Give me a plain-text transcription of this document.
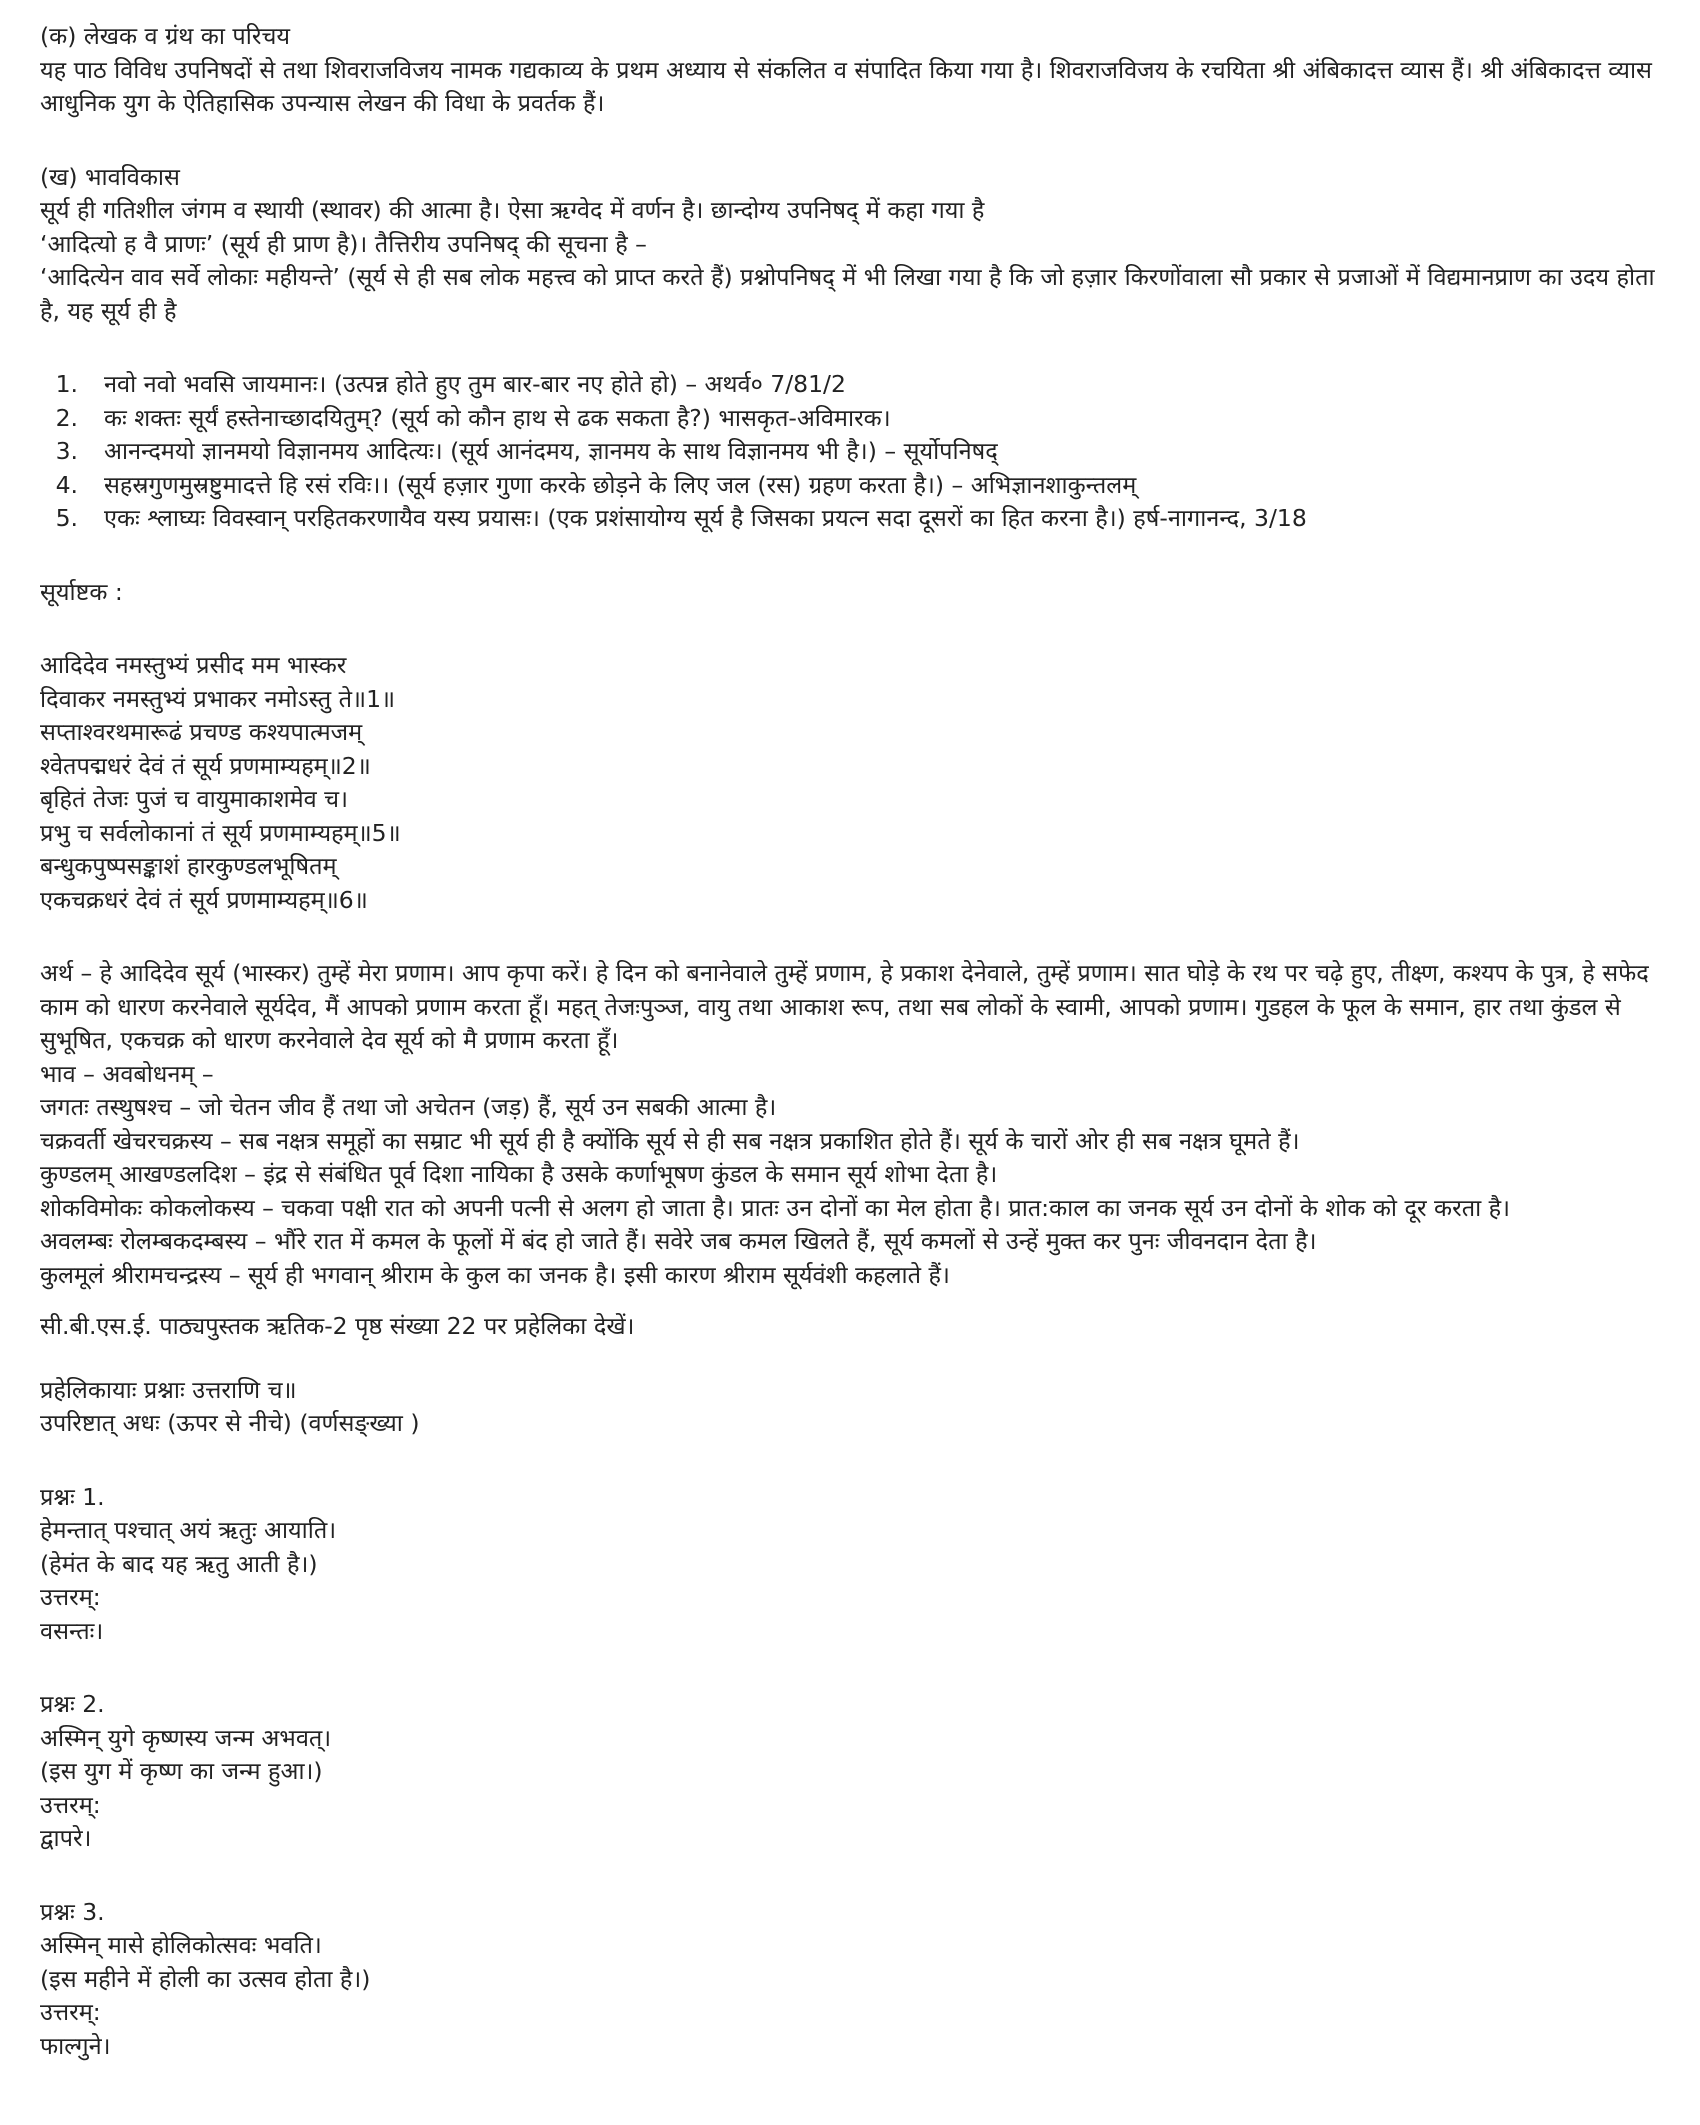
(क) लेखक व ग्रंथ का परिचय
यह पाठ विविध उपनिषदों से तथा शिवराजविजय नामक गद्यकाव्य के प्रथम अध्याय से संकलित व संपादित किया गया है। शिवराजविजय के रचयिता श्री अंबिकादत्त व्यास हैं। श्री अंबिकादत्त व्यास आधुनिक युग के ऐतिहासिक उपन्यास लेखन की विधा के प्रवर्तक हैं।
(ख) भावविकास
सूर्य ही गतिशील जंगम व स्थायी (स्थावर) की आत्मा है। ऐसा ऋग्वेद में वर्णन है। छान्दोग्य उपनिषद् में कहा गया है
‘आदित्यो ह वै प्राणः’ (सूर्य ही प्राण है)। तैत्तिरीय उपनिषद् की सूचना है –
‘आदित्येन वाव सर्वे लोकाः महीयन्ते’ (सूर्य से ही सब लोक महत्त्व को प्राप्त करते हैं) प्रश्नोपनिषद् में भी लिखा गया है कि जो हज़ार किरणोंवाला सौ प्रकार से प्रजाओं में विद्यमानप्राण का उदय होता है, यह सूर्य ही है
1.	नवो नवो भवसि जायमानः। (उत्पन्न होते हुए तुम बार-बार नए होते हो) – अथर्व० 7/81/2
2.	कः शक्तः सूर्यं हस्तेनाच्छादयितुम्? (सूर्य को कौन हाथ से ढक सकता है?) भासकृत-अविमारक।
3.	आनन्दमयो ज्ञानमयो विज्ञानमय आदित्यः। (सूर्य आनंदमय, ज्ञानमय के साथ विज्ञानमय भी है।) – सूर्योपनिषद्
4.	सहस्रगुणमुस्रष्टुमादत्ते हि रसं रविः।। (सूर्य हज़ार गुणा करके छोड़ने के लिए जल (रस) ग्रहण करता है।) – अभिज्ञानशाकुन्तलम्
5.	एकः श्लाघ्यः विवस्वान् परहितकरणायैव यस्य प्रयासः। (एक प्रशंसायोग्य सूर्य है जिसका प्रयत्न सदा दूसरों का हित करना है।) हर्ष-नागानन्द, 3/18
सूर्याष्टक :
आदिदेव नमस्तुभ्यं प्रसीद मम भास्कर
दिवाकर नमस्तुभ्यं प्रभाकर नमोऽस्तु ते॥1॥
सप्ताश्वरथमारूढं प्रचण्ड कश्यपात्मजम्
श्वेतपद्मधरं देवं तं सूर्य प्रणमाम्यहम्॥2॥
बृहितं तेजः पुजं च वायुमाकाशमेव च।
प्रभु च सर्वलोकानां तं सूर्य प्रणमाम्यहम्॥5॥
बन्धुकपुष्पसङ्काशं हारकुण्डलभूषितम्
एकचक्रधरं देवं तं सूर्य प्रणमाम्यहम्॥6॥
अर्थ – हे आदिदेव सूर्य (भास्कर) तुम्हें मेरा प्रणाम। आप कृपा करें। हे दिन को बनानेवाले तुम्हें प्रणाम, हे प्रकाश देनेवाले, तुम्हें प्रणाम। सात घोड़े के रथ पर चढ़े हुए, तीक्ष्ण, कश्यप के पुत्र, हे सफेद काम को धारण करनेवाले सूर्यदेव, मैं आपको प्रणाम करता हूँ। महत् तेजःपुञ्ज, वायु तथा आकाश रूप, तथा सब लोकों के स्वामी, आपको प्रणाम। गुडहल के फूल के समान, हार तथा कुंडल से सुभूषित, एकचक्र को धारण करनेवाले देव सूर्य को मै प्रणाम करता हूँ।
भाव – अवबोधनम् –
जगतः तस्थुषश्च – जो चेतन जीव हैं तथा जो अचेतन (जड़) हैं, सूर्य उन सबकी आत्मा है।
चक्रवर्ती खेचरचक्रस्य – सब नक्षत्र समूहों का सम्राट भी सूर्य ही है क्योंकि सूर्य से ही सब नक्षत्र प्रकाशित होते हैं। सूर्य के चारों ओर ही सब नक्षत्र घूमते हैं।
कुण्डलम् आखण्डलदिश – इंद्र से संबंधित पूर्व दिशा नायिका है उसके कर्णाभूषण कुंडल के समान सूर्य शोभा देता है।
शोकविमोकः कोकलोकस्य – चकवा पक्षी रात को अपनी पत्नी से अलग हो जाता है। प्रातः उन दोनों का मेल होता है। प्रात:काल का जनक सूर्य उन दोनों के शोक को दूर करता है।
अवलम्बः रोलम्बकदम्बस्य – भौंरे रात में कमल के फूलों में बंद हो जाते हैं। सवेरे जब कमल खिलते हैं, सूर्य कमलों से उन्हें मुक्त कर पुनः जीवनदान देता है।
कुलमूलं श्रीरामचन्द्रस्य – सूर्य ही भगवान् श्रीराम के कुल का जनक है। इसी कारण श्रीराम सूर्यवंशी कहलाते हैं।
सी.बी.एस.ई. पाठ्यपुस्तक ऋतिक-2 पृष्ठ संख्या 22 पर प्रहेलिका देखें।
प्रहेलिकायाः प्रश्नाः उत्तराणि च॥
उपरिष्टात् अधः (ऊपर से नीचे) (वर्णसङ्ख्या )
प्रश्नः 1.
हेमन्तात् पश्चात् अयं ऋतुः आयाति।
(हेमंत के बाद यह ऋतु आती है।)
उत्तरम्:
वसन्तः।
प्रश्नः 2.
अस्मिन् युगे कृष्णस्य जन्म अभवत्।
(इस युग में कृष्ण का जन्म हुआ।)
उत्तरम्:
द्वापरे।
प्रश्नः 3.
अस्मिन् मासे होलिकोत्सवः भवति।
(इस महीने में होली का उत्सव होता है।)
उत्तरम्:
फाल्गुने।
